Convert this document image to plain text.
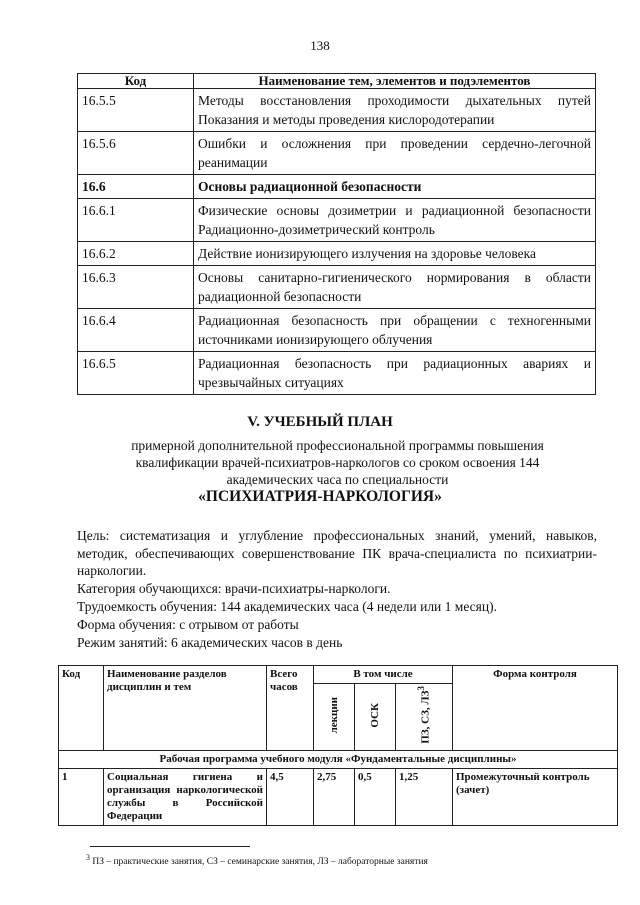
138
Код	Наименование тем, элементов и подэлементов
16.5.5	Методы восстановления проходимости дыхательных путей Показания и методы проведения кислородотерапии
16.5.6	Ошибки и осложнения при проведении сердечно-легочной реанимации
16.6	Основы радиационной безопасности
16.6.1	Физические основы дозиметрии и радиационной безопасности Радиационно-дозиметрический контроль
16.6.2	Действие ионизирующего излучения на здоровье человека
16.6.3	Основы санитарно-гигиенического нормирования в области радиационной безопасности
16.6.4	Радиационная безопасность при обращении с техногенными источниками ионизирующего облучения
16.6.5	Радиационная безопасность при радиационных авариях и чрезвычайных ситуациях
V. УЧЕБНЫЙ ПЛАН
примерной дополнительной профессиональной программы повышения
квалификации врачей-психиатров-наркологов со сроком освоения 144
академических часа по специальности
«ПСИХИАТРИЯ-НАРКОЛОГИЯ»
Цель: систематизация и углубление профессиональных знаний, умений, навыков, методик, обеспечивающих совершенствование ПК врача-специалиста по психиатрии-наркологии.
Категория обучающихся: врачи-психиатры-наркологи.
Трудоемкость обучения: 144 академических часа (4 недели или 1 месяц).
Форма обучения: с отрывом от работы
Режим занятий: 6 академических часов в день
Код	Наименование разделов дисциплин и тем	Всего часов	В том числе			Форма контроля
			лекции	ОСК	ПЗ, СЗ, $ЛЗ^3$
Рабочая программа учебного модуля «Фундаментальные дисциплины»						
1	Социальная гигиена и организация наркологической службы в Российской Федерации	4,5	2,75	0,5	1,25	Промежуточный контроль (зачет)
$^3$ ПЗ – практические занятия, СЗ – семинарские занятия, ЛЗ – лабораторные занятия
